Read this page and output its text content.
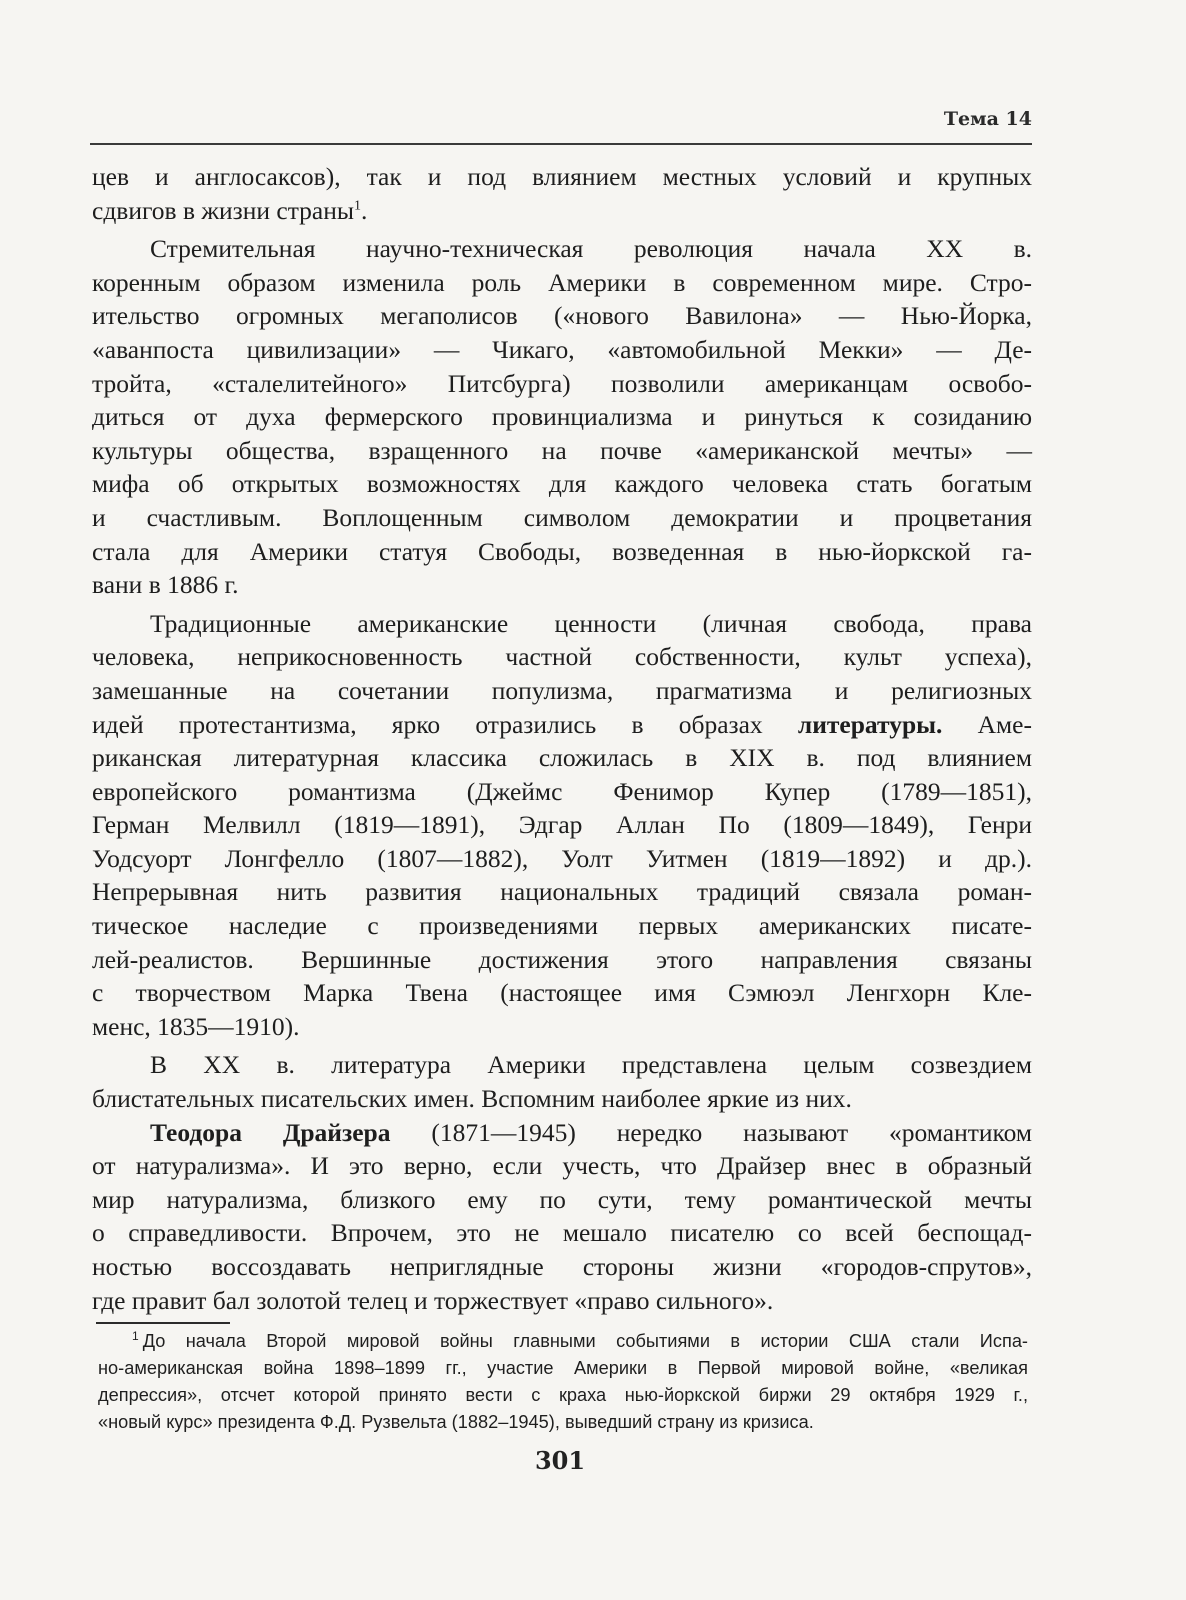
Тема 14
цев и англосаксов), так и под влиянием местных условий и крупных
сдвигов в жизни страны$^1$.
Стремительная научно-техническая революция начала XX в.
коренным образом изменила роль Америки в современном мире. Стро-
ительство огромных мегаполисов («нового Вавилона» — Нью-Йорка,
«аванпоста цивилизации» — Чикаго, «автомобильной Мекки» — Де-
тройта, «сталелитейного» Питсбурга) позволили американцам освобо-
диться от духа фермерского провинциализма и ринуться к созиданию
культуры общества, взращенного на почве «американской мечты» —
мифа об открытых возможностях для каждого человека стать богатым
и счастливым. Воплощенным символом демократии и процветания
стала для Америки статуя Свободы, возведенная в нью-йоркской га-
вани в 1886 г.
Традиционные американские ценности (личная свобода, права
человека, неприкосновенность частной собственности, культ успеха),
замешанные на сочетании популизма, прагматизма и религиозных
идей протестантизма, ярко отразились в образах литературы. Аме-
риканская литературная классика сложилась в XIX в. под влиянием
европейского романтизма (Джеймс Фенимор Купер (1789—1851),
Герман Мелвилл (1819—1891), Эдгар Аллан По (1809—1849), Генри
Уодсуорт Лонгфелло (1807—1882), Уолт Уитмен (1819—1892) и др.).
Непрерывная нить развития национальных традиций связала роман-
тическое наследие с произведениями первых американских писате-
лей-реалистов. Вершинные достижения этого направления связаны
с творчеством Марка Твена (настоящее имя Сэмюэл Ленгхорн Кле-
менс, 1835—1910).
В XX в. литература Америки представлена целым созвездием
блистательных писательских имен. Вспомним наиболее яркие из них.
Теодора Драйзера (1871—1945) нередко называют «романтиком
от натурализма». И это верно, если учесть, что Драйзер внес в образный
мир натурализма, близкого ему по сути, тему романтической мечты
о справедливости. Впрочем, это не мешало писателю со всей беспощад-
ностью воссоздавать неприглядные стороны жизни «городов-спрутов»,
где правит бал золотой телец и торжествует «право сильного».
$^1$ До начала Второй мировой войны главными событиями в истории США стали Испа-
но-американская война 1898–1899 гг., участие Америки в Первой мировой войне, «великая
депрессия», отсчет которой принято вести с краха нью-йоркской биржи 29 октября 1929 г.,
«новый курс» президента Ф.Д. Рузвельта (1882–1945), выведший страну из кризиса.
301
